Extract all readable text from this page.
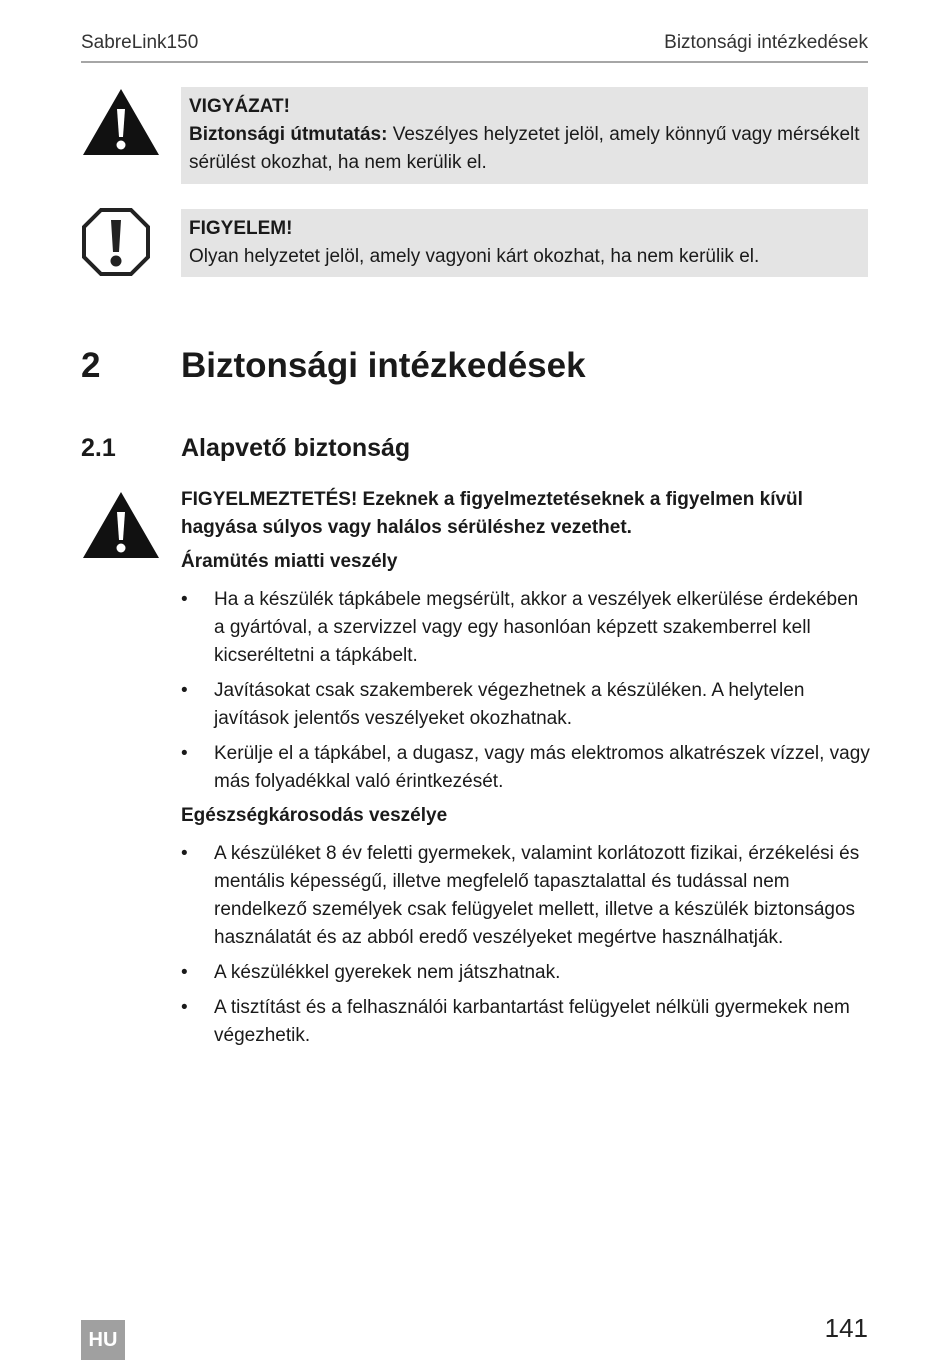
SabreLink150	Biztonsági intézkedések
VIGYÁZAT!
Biztonsági útmutatás: Veszélyes helyzetet jelöl, amely könnyű vagy mérsékelt sérülést okozhat, ha nem kerülik el.
FIGYELEM!
Olyan helyzetet jelöl, amely vagyoni kárt okozhat, ha nem kerülik el.
2 Biztonsági intézkedések
2.1	Alapvető biztonság
FIGYELMEZTETÉS! Ezeknek a figyelmeztetéseknek a figyelmen kívül hagyása súlyos vagy halálos sérüléshez vezethet.
Áramütés miatti veszély
• Ha a készülék tápkábele megsérült, akkor a veszélyek elkerülése érdekében a gyártóval, a szervizzel vagy egy hasonlóan képzett szakemberrel kell kicseréltetni a tápkábelt.
• Javításokat csak szakemberek végezhetnek a készüléken. A helytelen javítások jelentős veszélyeket okozhatnak.
• Kerülje el a tápkábel, a dugasz, vagy más elektromos alkatrészek vízzel, vagy más folyadékkal való érintkezését.
Egészségkárosodás veszélye
• A készüléket 8 év feletti gyermekek, valamint korlátozott fizikai, érzékelési és mentális képességű, illetve megfelelő tapasztalattal és tudással nem rendelkező személyek csak felügyelet mellett, illetve a készülék biztonságos használatát és az abból eredő veszélyeket megértve használhatják.
• A készülékkel gyerekek nem játszhatnak.
• A tisztítást és a felhasználói karbantartást felügyelet nélküli gyermekek nem végezhetik.
HU	141
